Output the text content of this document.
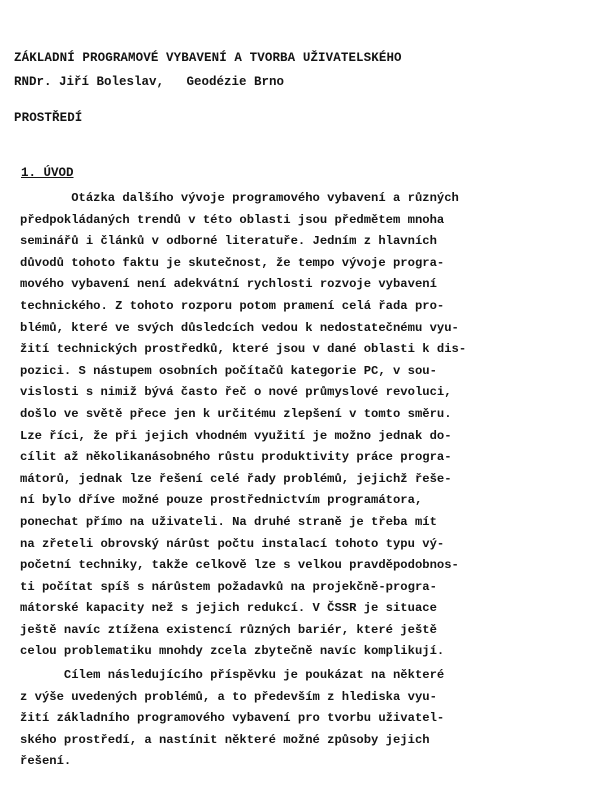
ZÁKLADNÍ PROGRAMOVÉ VYBAVENÍ A TVORBA UŽIVATELSKÉHO

PROSTŘEDÍ

RNDr. Jiří Boleslav,   Geodézie Brno
1. ÚVOD
Otázka dalšího vývoje programového vybavení a různých
předpokládaných trendů v této oblasti jsou předmětem mnoha
seminářů i článků v odborné literatuře. Jedním z hlavních
důvodů tohoto faktu je skutečnost, že tempo vývoje progra-
mového vybavení není adekvátní rychlosti rozvoje vybavení
technického. Z tohoto rozporu potom pramení celá řada pro-
blémů, které ve svých důsledcích vedou k nedostatečnému vyu-
žití technických prostředků, které jsou v dané oblasti k dis-
pozici. S nástupem osobních počítačů kategorie PC, v sou-
vislosti s nimiž bývá často řeč o nové průmyslové revoluci,
došlo ve světě přece jen k určitému zlepšení v tomto směru.
Lze říci, že při jejich vhodném využití je možno jednak do-
cílit až několikanásobného růstu produktivity práce progra-
mátorů, jednak lze řešení celé řady problémů, jejichž řeše-
ní bylo dříve možné pouze prostřednictvím programátora,
ponechat přímo na uživateli. Na druhé straně je třeba mít
na zřeteli obrovský nárůst počtu instalací tohoto typu vý-
početní techniky, takže celkově lze s velkou pravděpodobnos-
ti počítat spíš s nárůstem požadavků na projekčně-progra-
mátorské kapacity než s jejich redukcí. V ČSSR je situace
ještě navíc ztížena existencí různých bariér, které ještě
celou problematiku mnohdy zcela zbytečně navíc komplikují.
Cílem následujícího příspěvku je poukázat na některé
z výše uvedených problémů, a to především z hlediska vyu-
žití základního programového vybavení pro tvorbu uživatel-
ského prostředí, a nastínit některé možné způsoby jejich
řešení.
